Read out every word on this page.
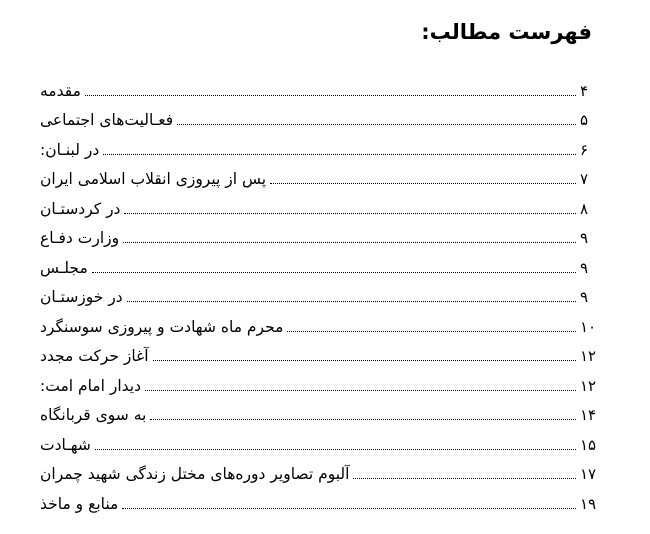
فهرست مطالب:
مقدمه	۴
فعـالیت‌های اجتماعی	۵
در لبنـان:	۶
پس از پیروزی انقلاب اسلامی ایران	۷
در کردستـان	۸
وزارت دفـاع	۹
مجلـس	۹
در خوزستـان	۹
محرم ماه شهادت و پیروزی سوسنگرد	۱۰
آغاز حرکت مجدد	۱۲
دیدار امام امت:	۱۲
به سوی قربانگاه	۱۴
شهـادت	۱۵
آلبوم تصاویر دوره‌های مختل زندگی شهید چمران	۱۷
منابع و ماخذ	۱۹
